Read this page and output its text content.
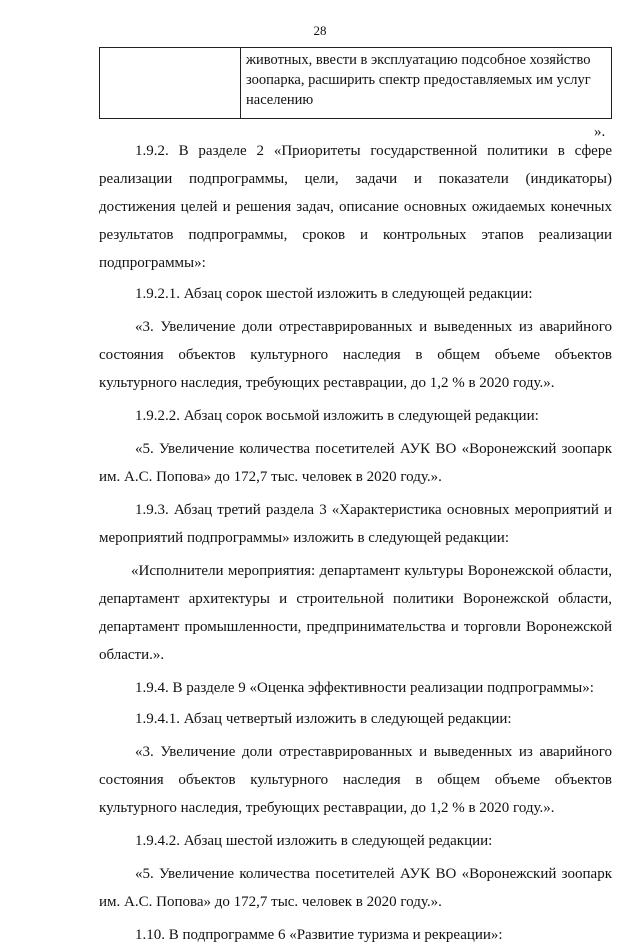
28
животных, ввести в эксплуатацию подсобное хозяйство
зоопарка, расширить спектр предоставляемых им услуг
населению
».
1.9.2. В разделе 2 «Приоритеты государственной политики в сфере
реализации подпрограммы, цели, задачи и показатели (индикаторы)
достижения целей и решения задач, описание основных ожидаемых конечных
результатов подпрограммы, сроков и контрольных этапов реализации
подпрограммы»:
1.9.2.1. Абзац сорок шестой изложить в следующей редакции:
«3. Увеличение доли отреставрированных и выведенных из аварийного
состояния объектов культурного наследия в общем объеме объектов
культурного наследия, требующих реставрации, до 1,2 % в 2020 году.».
1.9.2.2. Абзац сорок восьмой изложить в следующей редакции:
«5. Увеличение количества посетителей АУК ВО «Воронежский зоопарк
им. А.С. Попова» до 172,7 тыс. человек в 2020 году.».
1.9.3. Абзац третий раздела 3 «Характеристика основных мероприятий и
мероприятий подпрограммы» изложить в следующей редакции:
«Исполнители мероприятия: департамент культуры Воронежской области,
департамент архитектуры и строительной политики Воронежской области,
департамент промышленности, предпринимательства и торговли Воронежской
области.».
1.9.4. В разделе 9 «Оценка эффективности реализации подпрограммы»:
1.9.4.1. Абзац четвертый изложить в следующей редакции:
«3. Увеличение доли отреставрированных и выведенных из аварийного
состояния объектов культурного наследия в общем объеме объектов
культурного наследия, требующих реставрации, до 1,2 % в 2020 году.».
1.9.4.2. Абзац шестой изложить в следующей редакции:
«5. Увеличение количества посетителей АУК ВО «Воронежский зоопарк
им. А.С. Попова» до 172,7 тыс. человек в 2020 году.».
1.10. В подпрограмме 6 «Развитие туризма и рекреации»:
